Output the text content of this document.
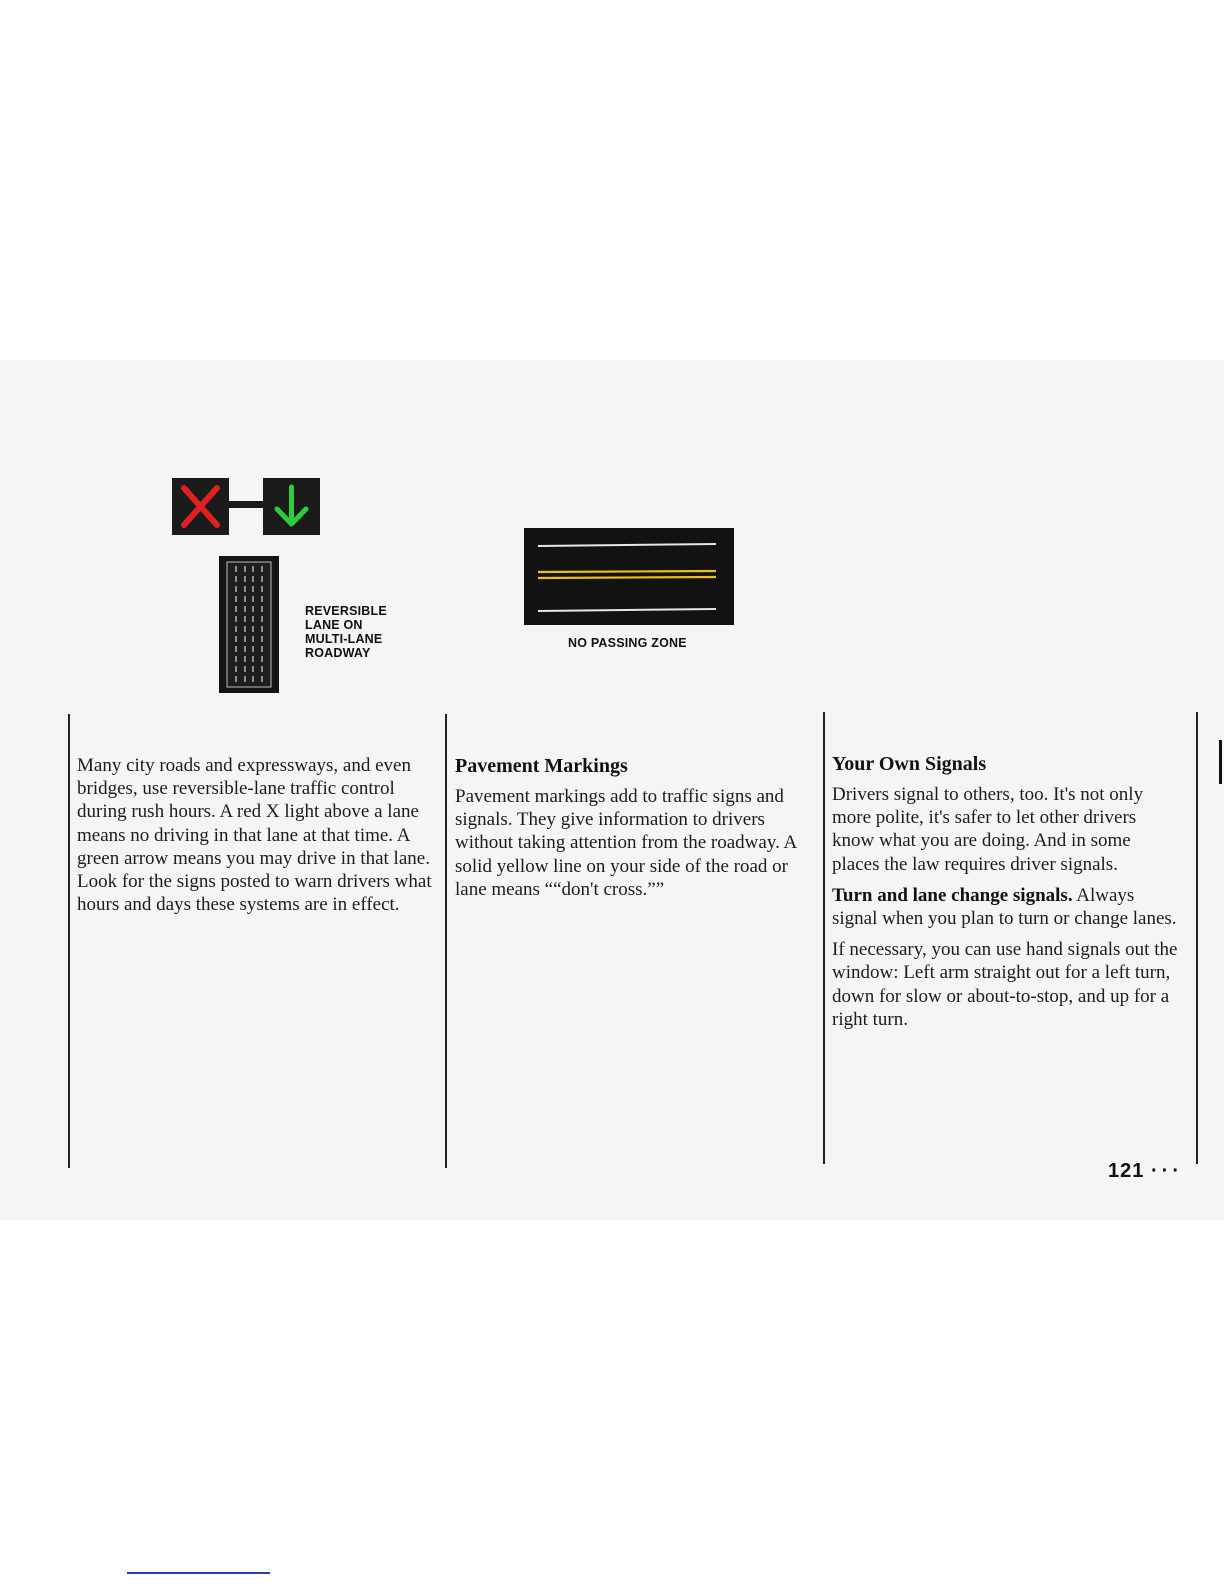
REVERSIBLE
LANE ON
MULTI-LANE
ROADWAY
NO PASSING ZONE

Many city roads and expressways, and even bridges, use reversible-lane traffic control during rush hours. A red X light above a lane means no driving in that lane at that time. A green arrow means you may drive in that lane. Look for the signs posted to warn drivers what hours and days these systems are in effect.

Pavement Markings

Pavement markings add to traffic signs and signals. They give information to drivers without taking attention from the roadway. A solid yellow line on your side of the road or lane means ““don't cross.””

Your Own Signals

Drivers signal to others, too. It's not only more polite, it's safer to let other drivers know what you are doing. And in some places the law requires driver signals.

Turn and lane change signals. Always signal when you plan to turn or change lanes.

If necessary, you can use hand signals out the window: Left arm straight out for a left turn, down for slow or about-to-stop, and up for a right turn.

121 ···
